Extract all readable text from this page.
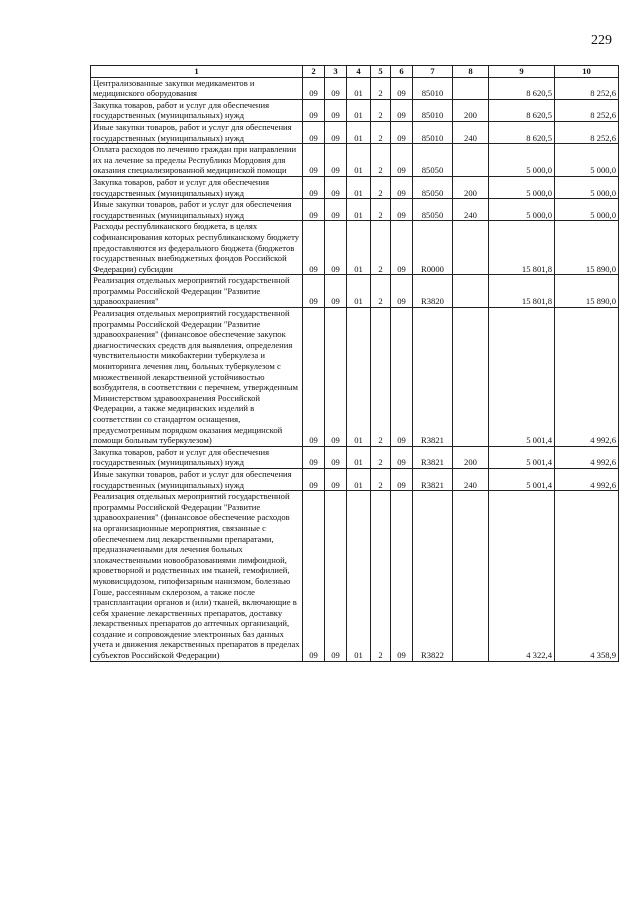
229
1	2	3	4	5	6	7	8	9	10
Централизованные закупки медикаментов и медицинского оборудования	09	09	01	2	09	85010		8 620,5	8 252,6
Закупка товаров, работ и услуг для обеспечения государственных (муниципальных) нужд	09	09	01	2	09	85010	200	8 620,5	8 252,6
Иные закупки товаров, работ и услуг для обеспечения государственных (муниципальных) нужд	09	09	01	2	09	85010	240	8 620,5	8 252,6
Оплата расходов по лечению граждан при направлении их на лечение за пределы Республики Мордовия для оказания специализированной медицинской помощи	09	09	01	2	09	85050		5 000,0	5 000,0
Закупка товаров, работ и услуг для обеспечения государственных (муниципальных) нужд	09	09	01	2	09	85050	200	5 000,0	5 000,0
Иные закупки товаров, работ и услуг для обеспечения государственных (муниципальных) нужд	09	09	01	2	09	85050	240	5 000,0	5 000,0
Расходы республиканского бюджета, в целях софинансирования которых республиканскому бюджету предоставляются из федерального бюджета (бюджетов государственных внебюджетных фондов Российской Федерации) субсидии	09	09	01	2	09	R0000		15 801,8	15 890,0
Реализация отдельных мероприятий государственной программы Российской Федерации "Развитие здравоохранения"	09	09	01	2	09	R3820		15 801,8	15 890,0
Реализация отдельных мероприятий государственной программы Российской Федерации "Развитие здравоохранения" (финансовое обеспечение закупок диагностических средств для выявления, определения чувствительности микобактерии туберкулеза и мониторинга лечения лиц, больных туберкулезом с множественной лекарственной устойчивостью возбудителя, в соответствии с перечнем, утвержденным Министерством здравоохранения Российской Федерации, а также медицинских изделий в соответствии со стандартом оснащения, предусмотренным порядком оказания медицинской помощи больным туберкулезом)	09	09	01	2	09	R3821		5 001,4	4 992,6
Закупка товаров, работ и услуг для обеспечения государственных (муниципальных) нужд	09	09	01	2	09	R3821	200	5 001,4	4 992,6
Иные закупки товаров, работ и услуг для обеспечения государственных (муниципальных) нужд	09	09	01	2	09	R3821	240	5 001,4	4 992,6
Реализация отдельных мероприятий государственной программы Российской Федерации "Развитие здравоохранения" (финансовое обеспечение расходов на организационные мероприятия, связанные с обеспечением лиц лекарственными препаратами, предназначенными для лечения больных злокачественными новообразованиями лимфоидной, кроветворной и родственных им тканей, гемофилией, муковисцидозом, гипофизарным нанизмом, болезнью Гоше, рассеянным склерозом, а также после трансплантации органов и (или) тканей, включающие в себя хранение лекарственных препаратов, доставку лекарственных препаратов до аптечных организаций, создание и сопровождение электронных баз данных учета и движения лекарственных препаратов в пределах субъектов Российской Федерации)	09	09	01	2	09	R3822		4 322,4	4 358,9
